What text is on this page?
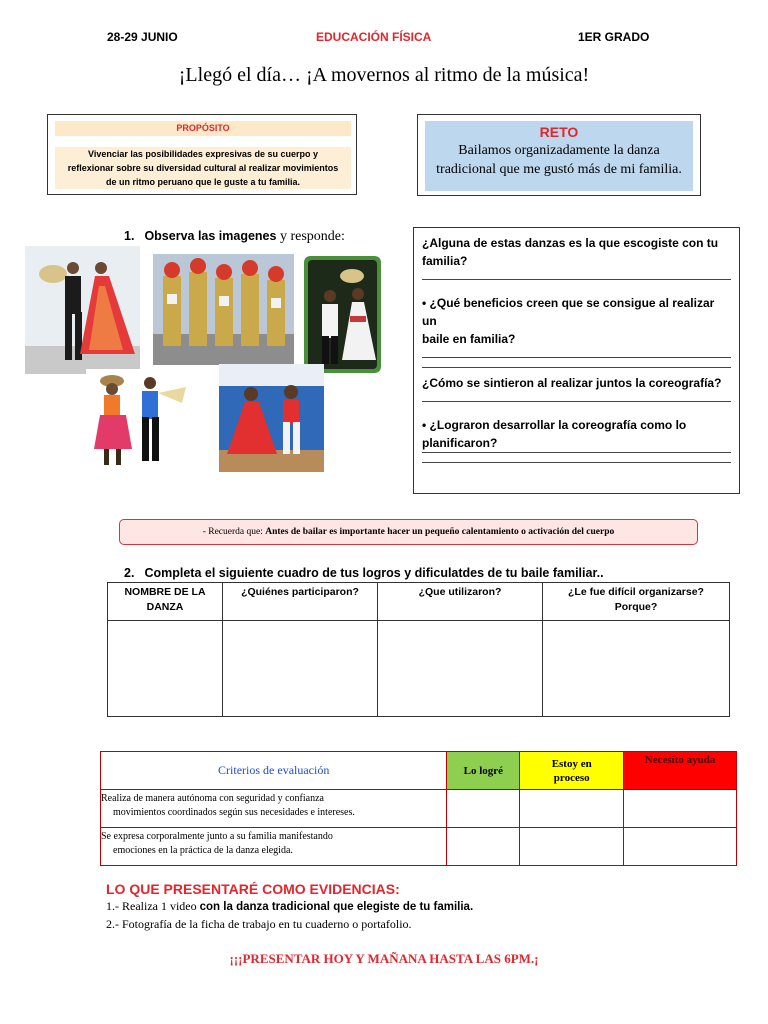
28-29 JUNIO	EDUCACIÓN FÍSICA	1ER GRADO
¡Llegó el día… ¡A movernos al ritmo de la música!
PROPÓSITO
Vivenciar las posibilidades expresivas de su cuerpo y
reflexionar sobre su diversidad cultural al realizar movimientos
de un ritmo peruano que le guste a tu familia.
RETO
Bailamos organizadamente la danza
tradicional que me gustó más de mi familia.
1. Observa las imagenes y responde:	¿Alguna de estas danzas es la que escogiste con tu
familia?
• ¿Qué beneficios creen que se consigue al realizar un
baile en familia?
¿Cómo se sintieron al realizar juntos la coreografía?
• ¿Lograron desarrollar la coreografía como lo
planificaron?
- Recuerda que: Antes de bailar es importante hacer un pequeño calentamiento o activación del cuerpo
2. Completa el siguiente cuadro de tus logros y dificulatdes de tu baile familiar..
NOMBRE DE LA
DANZA	¿Quiénes participaron?	¿Que utilizaron?	¿Le fue difícil organizarse?
Porque?

Criterios de evaluación	Lo logré	Estoy en
proceso	Necesito ayuda

Realiza de manera autónoma con seguridad y confianza
movimientos coordinados según sus necesidades e intereses.			

Se expresa corporalmente junto a su familia manifestando
emociones en la práctica de la danza elegida.			

LO QUE PRESENTARÉ COMO EVIDENCIAS:
1.- Realiza 1 video con la danza tradicional que elegiste de tu familia.
2.- Fotografía de la ficha de trabajo en tu cuaderno o portafolio.
¡¡¡PRESENTAR HOY Y MAÑANA HASTA LAS 6PM.¡
